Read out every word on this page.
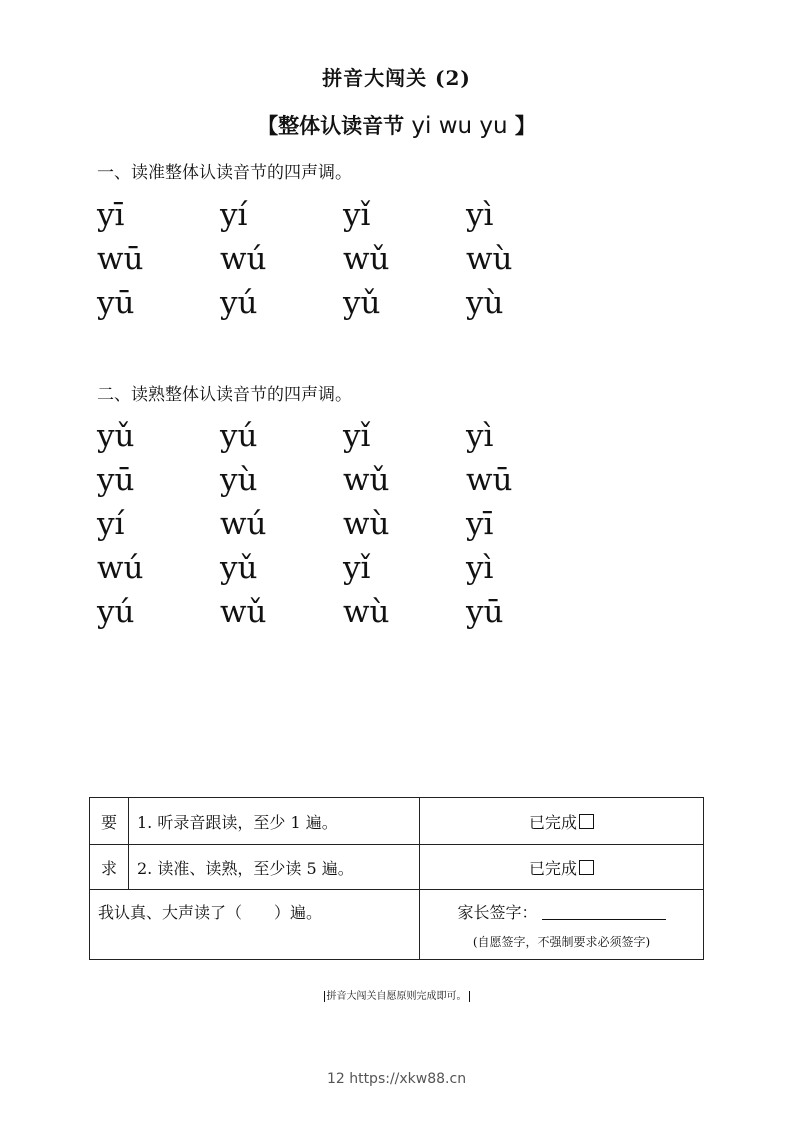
拼音大闯关 (2)
【整体认读音节 yi wu yu 】
一、读准整体认读音节的四声调。
yī	yí	yǐ	yì
wū	wú	wǔ	wù
yū	yú	yǔ	yù
二、读熟整体认读音节的四声调。
yǔ	yú	yǐ	yì
yū	yù	wǔ	wū
yí	wú	wù	yī
wú	yǔ	yǐ	yì
yú	wǔ	wù	yū
要	1. 听录音跟读，至少 1 遍。	已完成
求	2. 读准、读熟，至少读 5 遍。	已完成
我认真、大声读了（　　）遍。		家长签字：
(自愿签字，不强制要求必须签字)
拼音大闯关自愿原则完成即可。
12 https://xkw88.cn
